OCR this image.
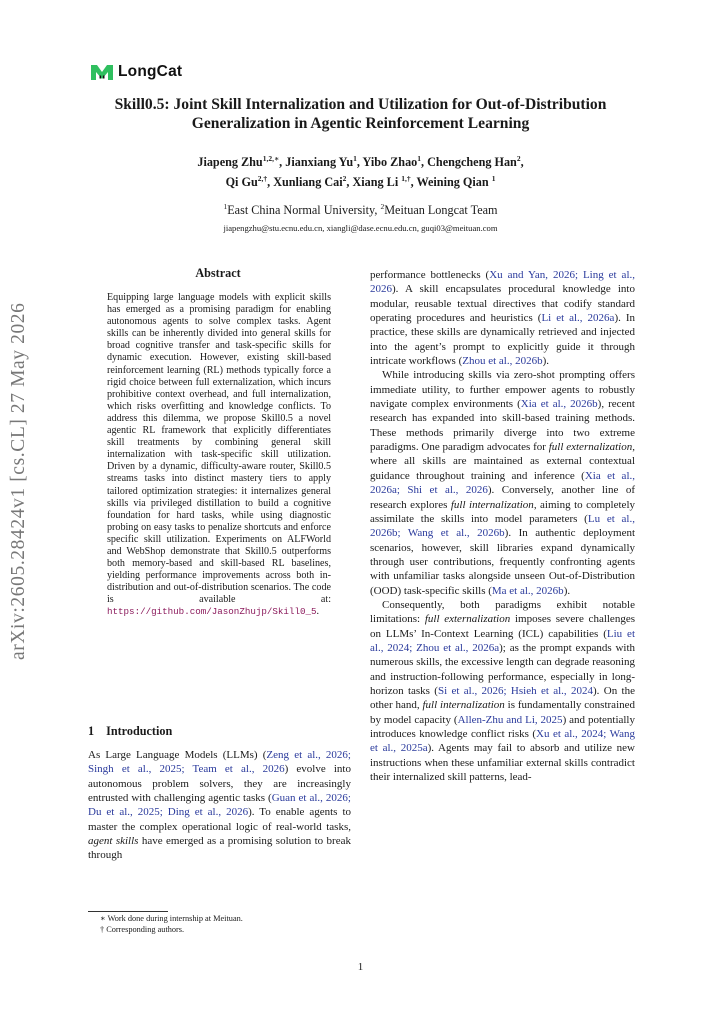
LongCat
Skill0.5: Joint Skill Internalization and Utilization for Out-of-Distribution
Generalization in Agentic Reinforcement Learning
Jiapeng Zhu$^{1,2,∗}$, Jianxiang Yu$^1$, Yibo Zhao$^1$, Chengcheng Han$^2$,
Qi $Gu^{2,\dagger}$, Xunliang Cai$^2$, Xiang Li $^{1,\dagger}$, Weining Qian $^1$
$^1$East China Normal University, $^2$Meituan Longcat Team
jiapengzhu@stu.ecnu.edu.cn, xiangli@dase.ecnu.edu.cn, guqi03@meituan.com
arXiv:2605.28424v1 [cs.CL] 27 May 2026
Abstract
Equipping large language models with explicit skills has emerged as a promising paradigm for enabling autonomous agents to solve complex tasks. Agent skills can be inherently divided into general skills for broad cognitive transfer and task-specific skills for dynamic execution. However, existing skill-based reinforcement learning (RL) methods typically force a rigid choice between full externalization, which incurs prohibitive context overhead, and full internalization, which risks overfitting and knowledge conflicts. To address this dilemma, we propose Skill0.5 a novel agentic RL framework that explicitly differentiates skill treatments by combining general skill internalization with task-specific skill utilization. Driven by a dynamic, difficulty-aware router, Skill0.5 streams tasks into distinct mastery tiers to apply tailored optimization strategies: it internalizes general skills via privileged distillation to build a cognitive foundation for hard tasks, while using diagnostic probing on easy tasks to penalize shortcuts and enforce specific skill utilization. Experiments on ALFWorld and WebShop demonstrate that Skill0.5 outperforms both memory-based and skill-based RL baselines, yielding performance improvements across both in-distribution and out-of-distribution scenarios. The code is available at: https://github.com/JasonZhujp/Skill0_5.
1 Introduction

As Large Language Models (LLMs) (Zeng et al., 2026; Singh et al., 2025; Team et al., 2026) evolve into autonomous problem solvers, they are increasingly entrusted with challenging agentic tasks (Guan et al., 2026; Du et al., 2025; Ding et al., 2026). To enable agents to master the complex operational logic of real-world tasks, agent skills have emerged as a promising solution to break through

performance bottlenecks (Xu and Yan, 2026; Ling et al., 2026). A skill encapsulates procedural knowledge into modular, reusable textual directives that codify standard operating procedures and heuristics (Li et al., 2026a). In practice, these skills are dynamically retrieved and injected into the agent’s prompt to explicitly guide it through intricate workflows (Zhou et al., 2026b).

While introducing skills via zero-shot prompting offers immediate utility, to further empower agents to robustly navigate complex environments (Xia et al., 2026b), recent research has expanded into skill-based training methods. These methods primarily diverge into two extreme paradigms. One paradigm advocates for full externalization, where all skills are maintained as external contextual guidance throughout training and inference (Xia et al., 2026a; Shi et al., 2026). Conversely, another line of research explores full internalization, aiming to completely assimilate the skills into model parameters (Lu et al., 2026b; Wang et al., 2026b). In authentic deployment scenarios, however, skill libraries expand dynamically through user contributions, frequently confronting agents with unfamiliar tasks alongside unseen Out-of-Distribution (OOD) task-specific skills (Ma et al., 2026b).

Consequently, both paradigms exhibit notable limitations: full externalization imposes severe challenges on LLMs’ In-Context Learning (ICL) capabilities (Liu et al., 2024; Zhou et al., 2026a); as the prompt expands with numerous skills, the excessive length can degrade reasoning and instruction-following performance, especially in long-horizon tasks (Si et al., 2026; Hsieh et al., 2024). On the other hand, full internalization is fundamentally constrained by model capacity (Allen-Zhu and Li, 2025) and potentially introduces knowledge conflict risks (Xu et al., 2024; Wang et al., 2025a). Agents may fail to absorb and utilize new instructions when these unfamiliar external skills contradict their internalized skill patterns, lead-

∗ Work done during internship at Meituan.
† Corresponding authors.
1
